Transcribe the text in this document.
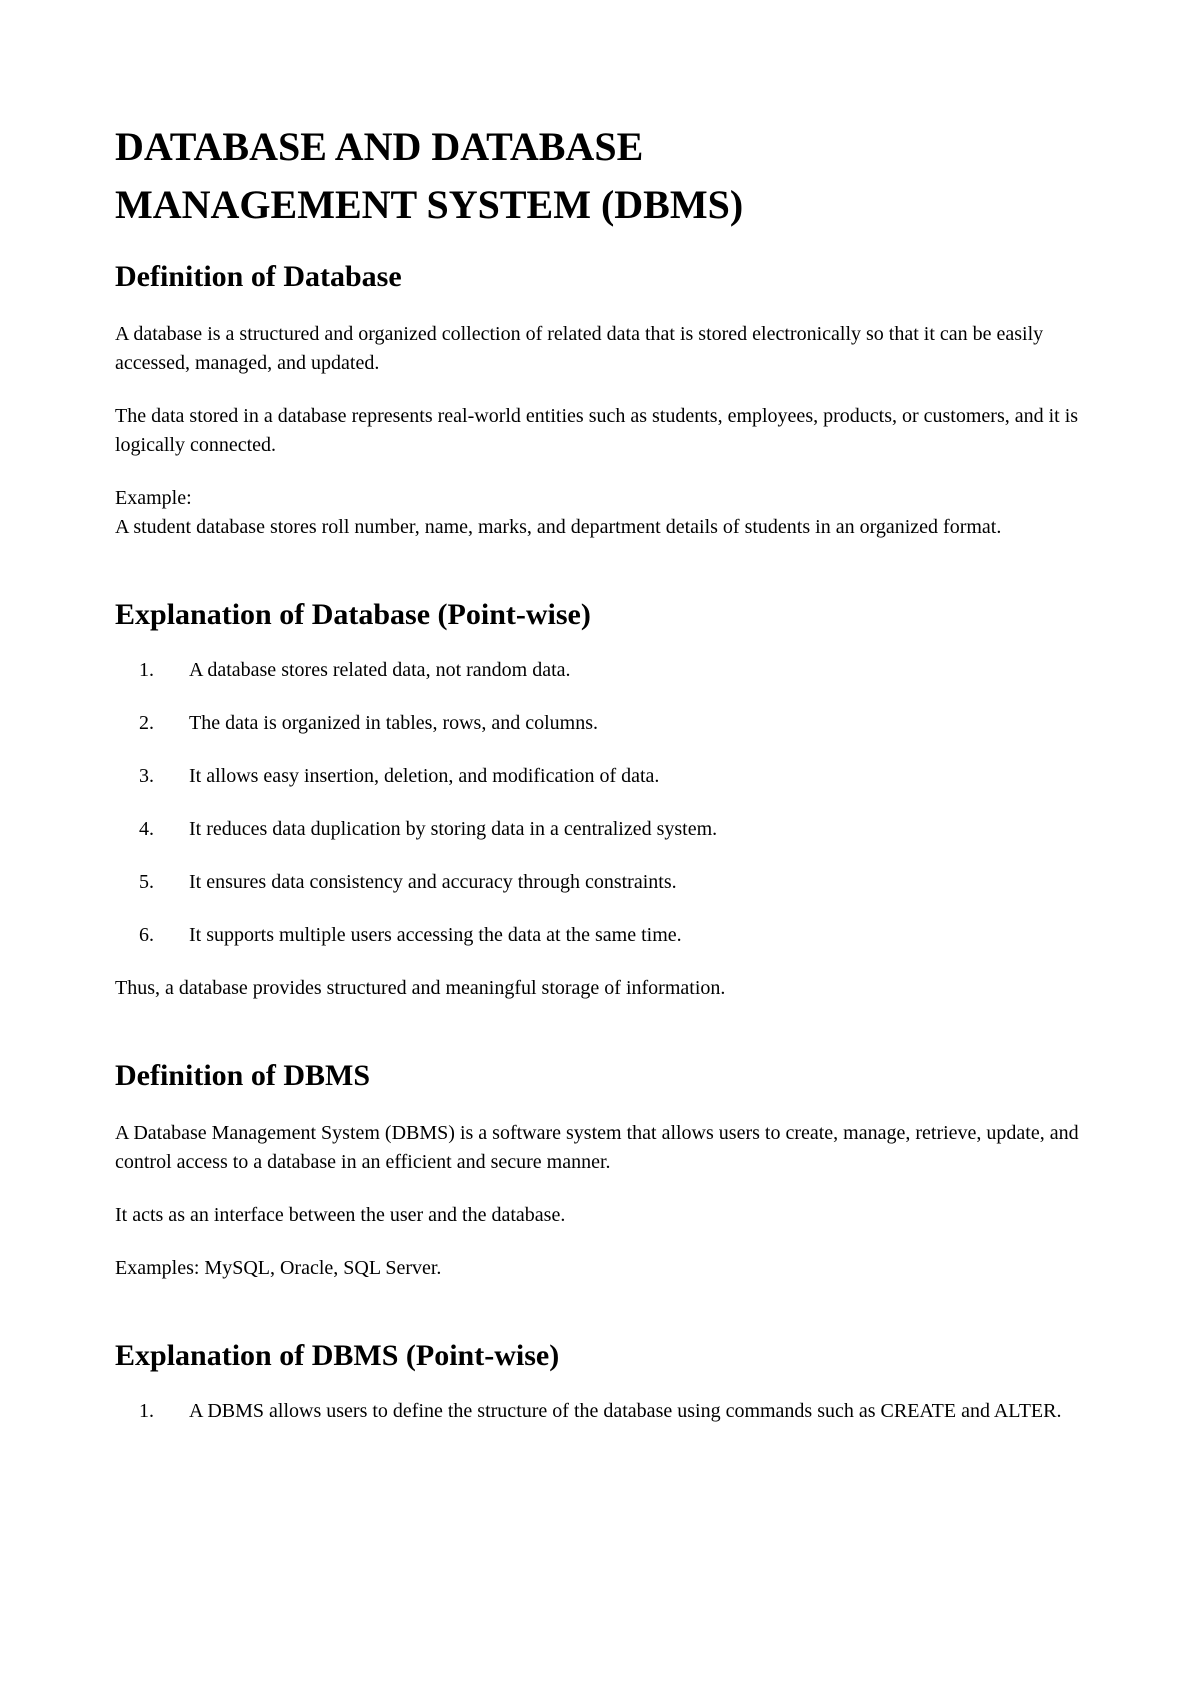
DATABASE AND DATABASE
MANAGEMENT SYSTEM (DBMS)
Definition of Database

A database is a structured and organized collection of related data that is stored electronically so that it can be easily accessed, managed, and updated.

The data stored in a database represents real-world entities such as students, employees, products, or customers, and it is logically connected.

Example:
A student database stores roll number, name, marks, and department details of students in an organized format.

Explanation of Database (Point-wise)
1. A database stores related data, not random data.
2. The data is organized in tables, rows, and columns.
3. It allows easy insertion, deletion, and modification of data.
4. It reduces data duplication by storing data in a centralized system.
5. It ensures data consistency and accuracy through constraints.
6. It supports multiple users accessing the data at the same time.

Thus, a database provides structured and meaningful storage of information.

Definition of DBMS

A Database Management System (DBMS) is a software system that allows users to create, manage, retrieve, update, and control access to a database in an efficient and secure manner.

It acts as an interface between the user and the database.

Examples: MySQL, Oracle, SQL Server.

Explanation of DBMS (Point-wise)
1. A DBMS allows users to define the structure of the database using commands such as CREATE and ALTER.
